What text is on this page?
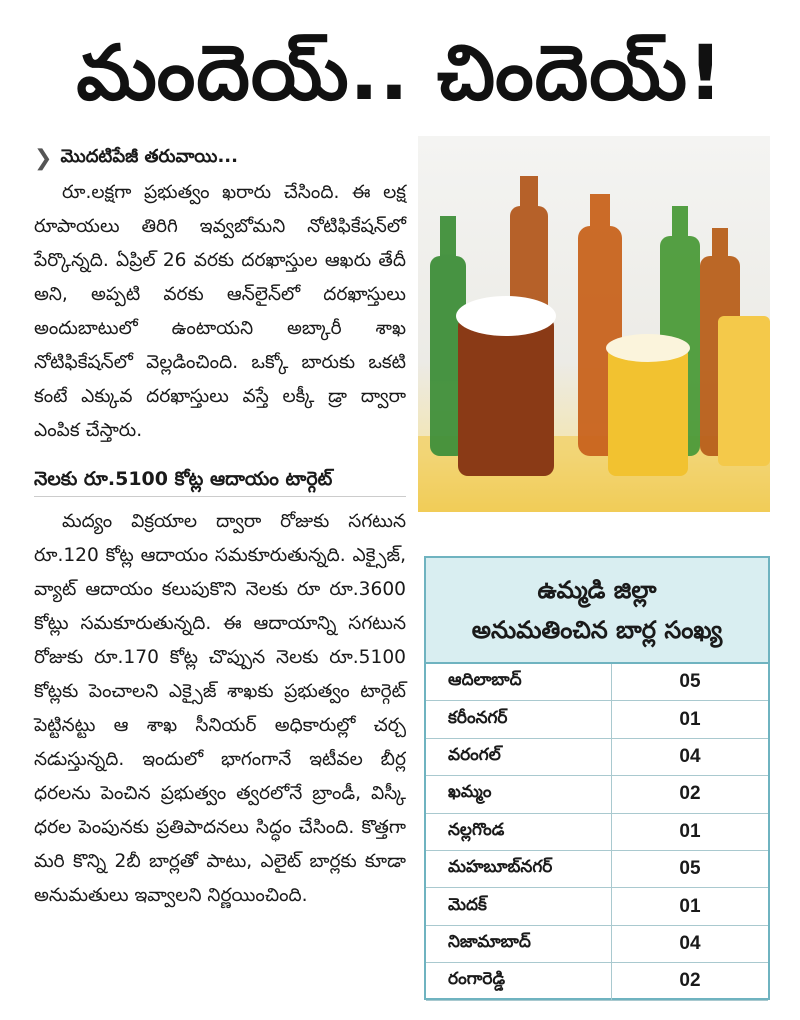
మందెయ్.. చిందెయ్!
❯ మొదటిపేజీ తరువాయి...

రూ.లక్షగా ప్రభుత్వం ఖరారు చేసింది. ఈ లక్ష రూపాయలు తిరిగి ఇవ్వబోమని నోటిఫికేషన్‌లో పేర్కొన్నది. ఏప్రిల్ 26 వరకు దరఖాస్తుల ఆఖరు తేదీ అని, అప్పటి వరకు ఆన్‌లైన్‌లో దరఖాస్తులు అందుబాటులో ఉంటాయని అబ్కారీ శాఖ నోటిఫికేషన్‌లో వెల్లడించింది. ఒక్కో బారుకు ఒకటి కంటే ఎక్కువ దరఖాస్తులు వస్తే లక్కీ డ్రా ద్వారా ఎంపిక చేస్తారు.

నెలకు రూ.5100 కోట్ల ఆదాయం టార్గెట్

మద్యం విక్రయాల ద్వారా రోజుకు సగటున రూ.120 కోట్ల ఆదాయం సమకూరుతున్నది. ఎక్సైజ్, వ్యాట్ ఆదాయం కలుపుకొని నెలకు రూ రూ.3600 కోట్లు సమకూరుతున్నది. ఈ ఆదాయాన్ని సగటున రోజుకు రూ.170 కోట్ల చొప్పున నెలకు రూ.5100 కోట్లకు పెంచాలని ఎక్సైజ్ శాఖకు ప్రభుత్వం టార్గెట్ పెట్టినట్టు ఆ శాఖ సీనియర్ అధికారుల్లో చర్చ నడుస్తున్నది. ఇందులో భాగంగానే ఇటీవల బీర్ల ధరలను పెంచిన ప్రభుత్వం త్వరలోనే బ్రాండీ, విస్కీ ధరల పెంపునకు ప్రతిపాదనలు సిద్ధం చేసింది. కొత్తగా మరి కొన్ని 2బీ బార్లతో పాటు, ఎలైట్ బార్లకు కూడా అనుమతులు ఇవ్వాలని నిర్ణయించింది.

ఉమ్మడి జిల్లా
అనుమతించిన బార్ల సంఖ్య
ఆదిలాబాద్	05
కరీంనగర్	01
వరంగల్	04
ఖమ్మం	02
నల్లగొండ	01
మహబూబ్‌నగర్	05
మెదక్	01
నిజామాబాద్	04
రంగారెడ్డి	02
